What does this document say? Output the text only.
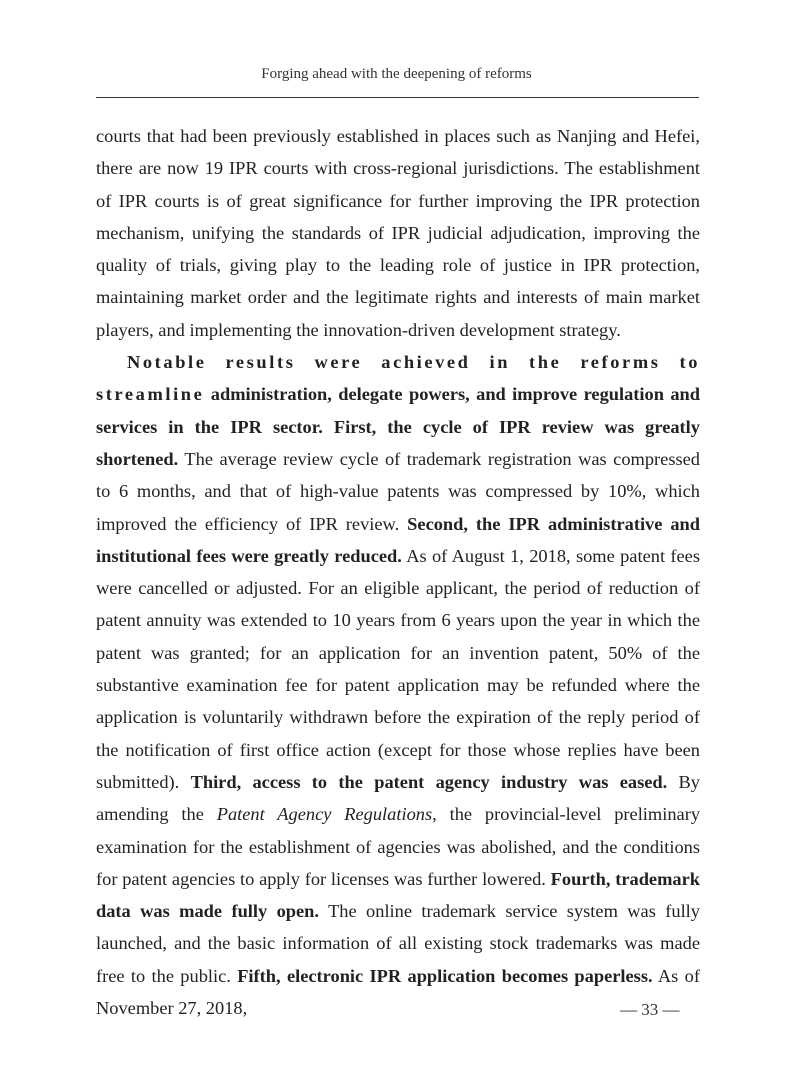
Forging ahead with the deepening of reforms

courts that had been previously established in places such as Nanjing and Hefei, there are now 19 IPR courts with cross-regional jurisdictions. The establishment of IPR courts is of great significance for further improving the IPR protection mechanism, unifying the standards of IPR judicial adjudication, improving the quality of trials, giving play to the leading role of justice in IPR protection, maintaining market order and the legitimate rights and interests of main market players, and implementing the innovation-driven development strategy.

Notable results were achieved in the reforms to streamline administration, delegate powers, and improve regulation and services in the IPR sector. First, the cycle of IPR review was greatly shortened. The average review cycle of trademark registration was compressed to 6 months, and that of high-value patents was compressed by 10%, which improved the efficiency of IPR review. Second, the IPR administrative and institutional fees were greatly reduced. As of August 1, 2018, some patent fees were cancelled or adjusted. For an eligible applicant, the period of reduction of patent annuity was extended to 10 years from 6 years upon the year in which the patent was granted; for an application for an invention patent, 50% of the substantive examination fee for patent application may be refunded where the application is voluntarily withdrawn before the expiration of the reply period of the notification of first office action (except for those whose replies have been submitted). Third, access to the patent agency industry was eased. By amending the Patent Agency Regulations, the provincial-level preliminary examination for the establishment of agencies was abolished, and the conditions for patent agencies to apply for licenses was further lowered. Fourth, trademark data was made fully open. The online trademark service system was fully launched, and the basic information of all existing stock trademarks was made free to the public. Fifth, electronic IPR application becomes paperless. As of November 27, 2018,	— 33 —
